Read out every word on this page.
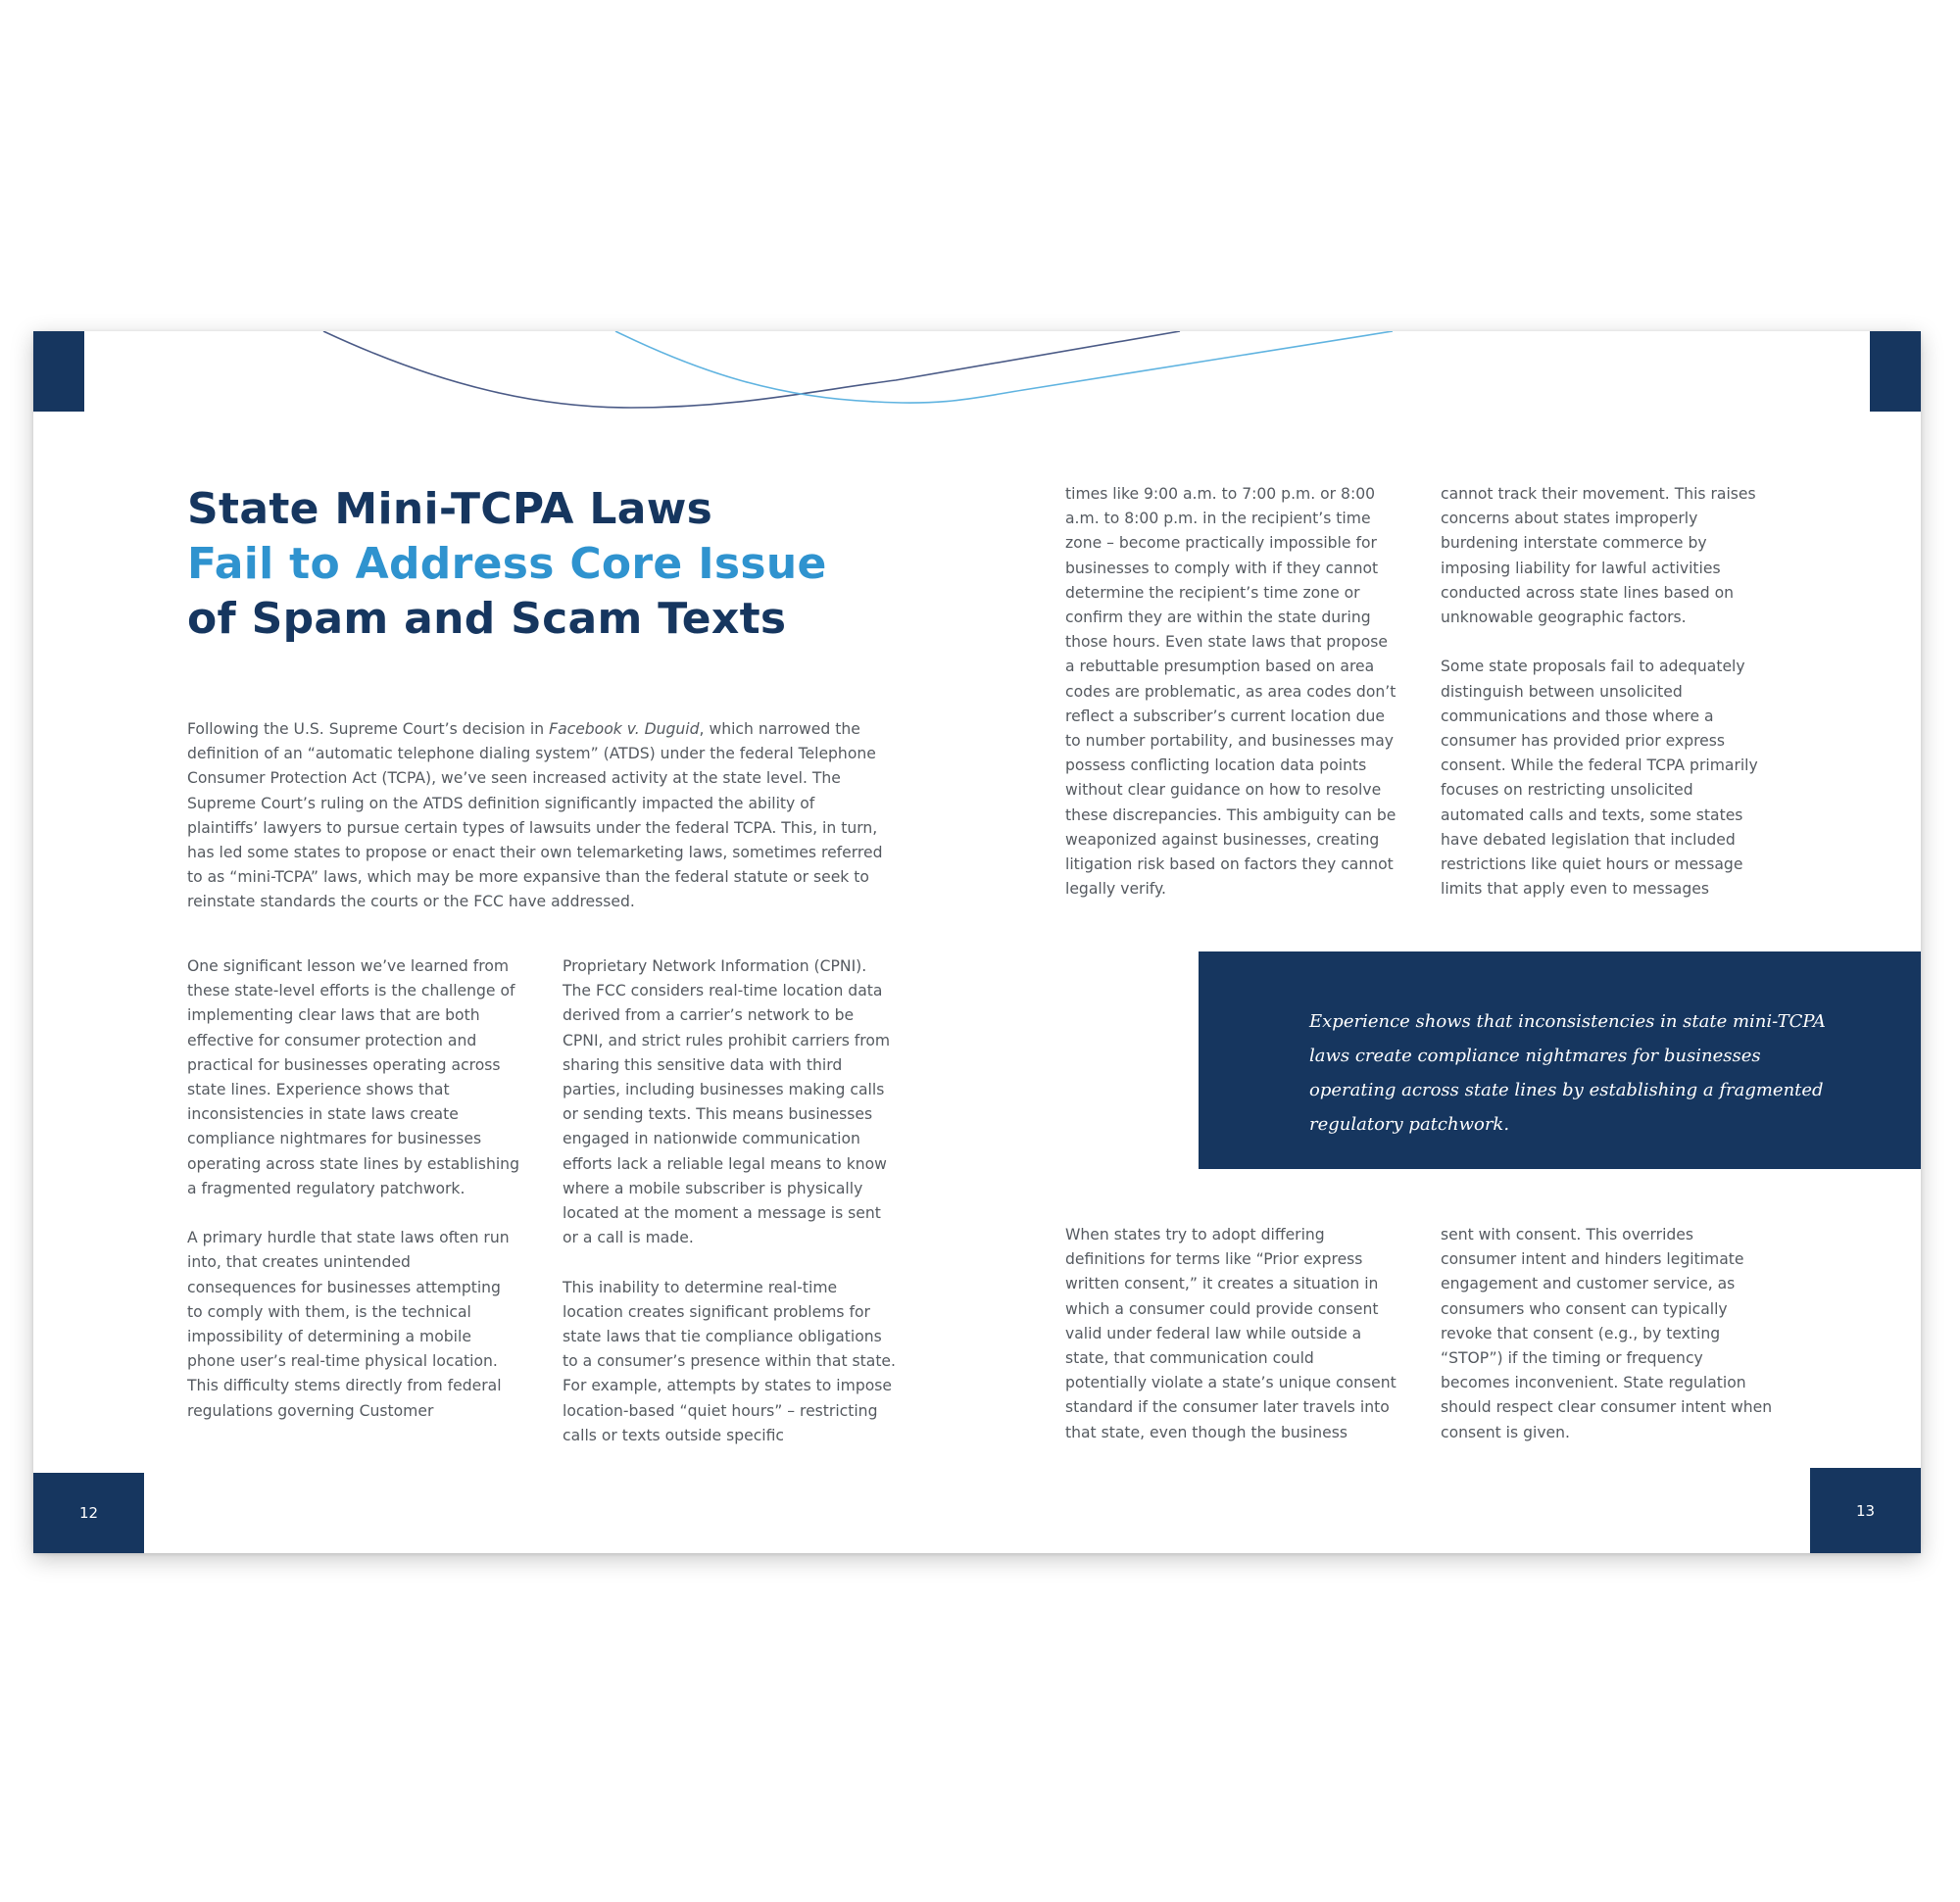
State Mini-TCPA Laws
Fail to Address Core Issue
of Spam and Scam Texts

Following the U.S. Supreme Court’s decision in Facebook v. Duguid, which narrowed the definition of an “automatic telephone dialing system” (ATDS) under the federal Telephone Consumer Protection Act (TCPA), we’ve seen increased activity at the state level. The Supreme Court’s ruling on the ATDS definition significantly impacted the ability of plaintiffs’ lawyers to pursue certain types of lawsuits under the federal TCPA. This, in turn, has led some states to propose or enact their own telemarketing laws, sometimes referred to as “mini-TCPA” laws, which may be more expansive than the federal statute or seek to reinstate standards the courts or the FCC have addressed.

One significant lesson we’ve learned from these state-level efforts is the challenge of implementing clear laws that are both effective for consumer protection and practical for businesses operating across state lines. Experience shows that inconsistencies in state laws create compliance nightmares for businesses operating across state lines by establishing a fragmented regulatory patchwork.

A primary hurdle that state laws often run into, that creates unintended consequences for businesses attempting to comply with them, is the technical impossibility of determining a mobile phone user’s real-time physical location. This difficulty stems directly from federal regulations governing Customer

Proprietary Network Information (CPNI). The FCC considers real-time location data derived from a carrier’s network to be CPNI, and strict rules prohibit carriers from sharing this sensitive data with third parties, including businesses making calls or sending texts. This means businesses engaged in nationwide communication efforts lack a reliable legal means to know where a mobile subscriber is physically located at the moment a message is sent or a call is made.

This inability to determine real-time location creates significant problems for state laws that tie compliance obligations to a consumer’s presence within that state. For example, attempts by states to impose location-based “quiet hours” – restricting calls or texts outside specific

times like 9:00 a.m. to 7:00 p.m. or 8:00 a.m. to 8:00 p.m. in the recipient’s time zone – become practically impossible for businesses to comply with if they cannot determine the recipient’s time zone or confirm they are within the state during those hours. Even state laws that propose a rebuttable presumption based on area codes are problematic, as area codes don’t reflect a subscriber’s current location due to number portability, and businesses may possess conflicting location data points without clear guidance on how to resolve these discrepancies. This ambiguity can be weaponized against businesses, creating litigation risk based on factors they cannot legally verify.

cannot track their movement. This raises concerns about states improperly burdening interstate commerce by imposing liability for lawful activities conducted across state lines based on unknowable geographic factors.

Some state proposals fail to adequately distinguish between unsolicited communications and those where a consumer has provided prior express consent. While the federal TCPA primarily focuses on restricting unsolicited automated calls and texts, some states have debated legislation that included restrictions like quiet hours or message limits that apply even to messages

Experience shows that inconsistencies in state mini-TCPA laws create compliance nightmares for businesses operating across state lines by establishing a fragmented regulatory patchwork.

When states try to adopt differing definitions for terms like “Prior express written consent,” it creates a situation in which a consumer could provide consent valid under federal law while outside a state, that communication could potentially violate a state’s unique consent standard if the consumer later travels into that state, even though the business

sent with consent. This overrides consumer intent and hinders legitimate engagement and customer service, as consumers who consent can typically revoke that consent (e.g., by texting “STOP”) if the timing or frequency becomes inconvenient. State regulation should respect clear consumer intent when consent is given.

12	13
